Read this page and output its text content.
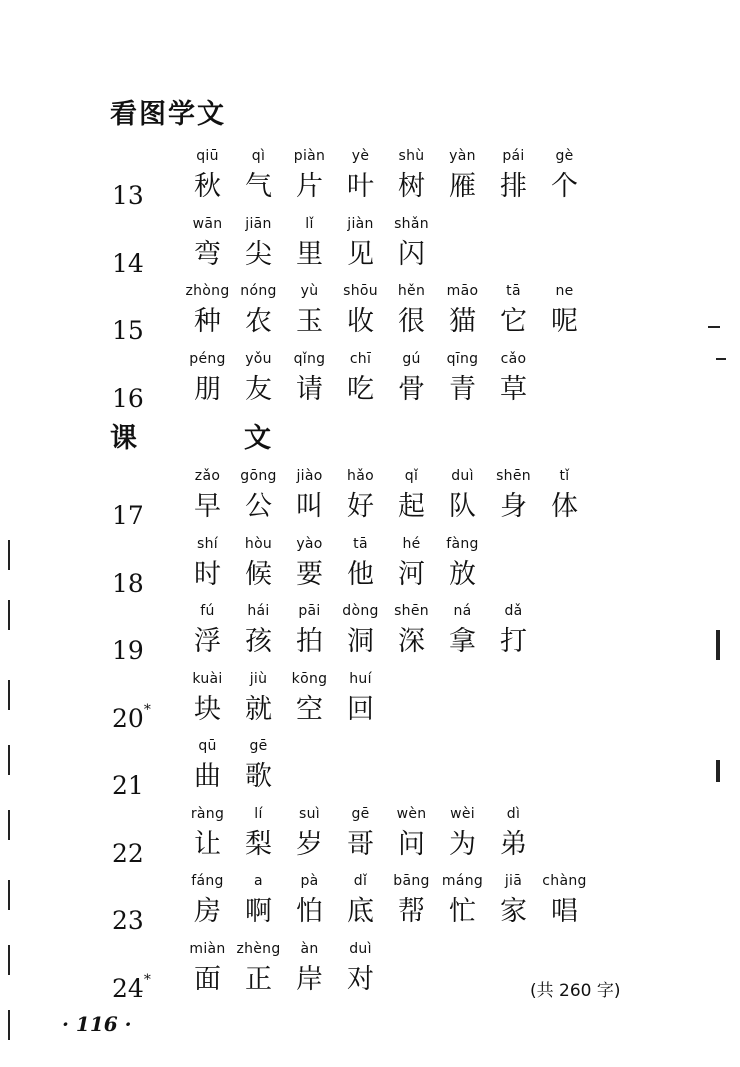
看图学文
课　文
13
qiū
秋
qì
气
piàn
片
yè
叶
shù
树
yàn
雁
pái
排
gè
个
14
wān
弯
jiān
尖
lǐ
里
jiàn
见
shǎn
闪
15
zhòng
种
nóng
农
yù
玉
shōu
收
hěn
很
māo
猫
tā
它
ne
呢
16
péng
朋
yǒu
友
qǐng
请
chī
吃
gú
骨
qīng
青
cǎo
草
17
zǎo
早
gōng
公
jiào
叫
hǎo
好
qǐ
起
duì
队
shēn
身
tǐ
体
18
shí
时
hòu
候
yào
要
tā
他
hé
河
fàng
放
19
fú
浮
hái
孩
pāi
拍
dòng
洞
shēn
深
ná
拿
dǎ
打
20*
kuài
块
jiù
就
kōng
空
huí
回
21
qū
曲
gē
歌
22
ràng
让
lí
梨
suì
岁
gē
哥
wèn
问
wèi
为
dì
弟
23
fáng
房
a
啊
pà
怕
dǐ
底
bāng
帮
máng
忙
jiā
家
chàng
唱
24*
miàn
面
zhèng
正
àn
岸
duì
对	(共 260 字)
· 116 ·
